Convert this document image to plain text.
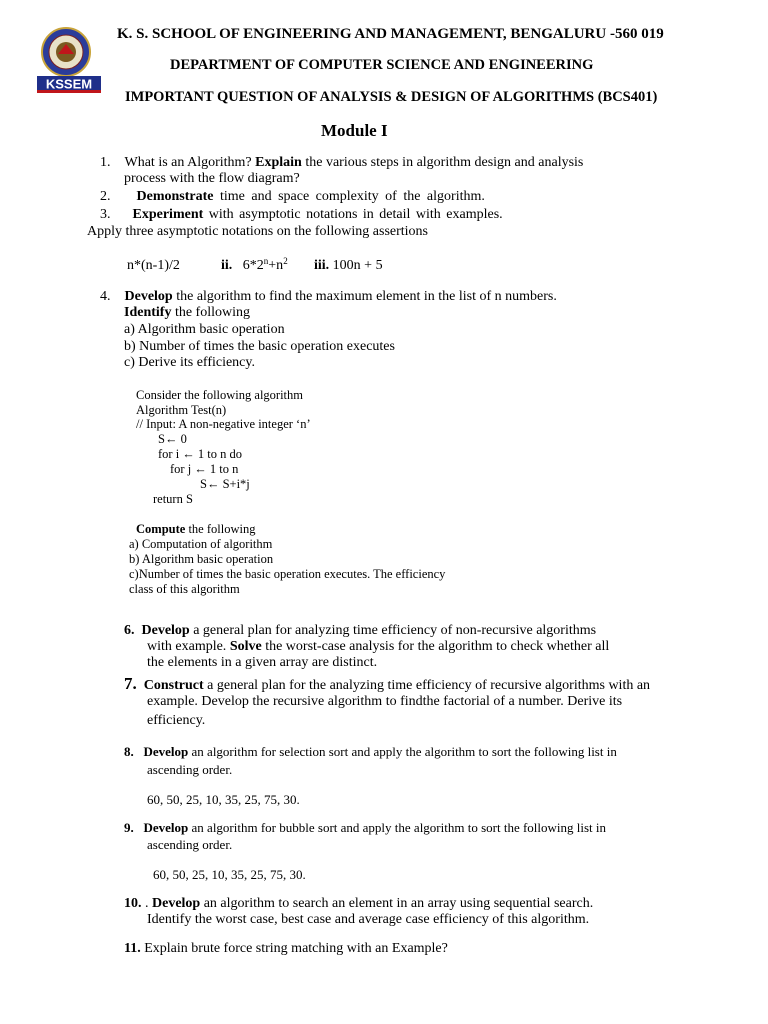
KSSEM
K. S. SCHOOL OF ENGINEERING AND MANAGEMENT, BENGALURU -560 019
DEPARTMENT OF COMPUTER SCIENCE AND ENGINEERING
IMPORTANT QUESTION OF ANALYSIS & DESIGN OF ALGORITHMS (BCS401)
Module I
1. What is an Algorithm? Explain the various steps in algorithm design and analysis
process with the flow diagram?
2. Demonstrate time and space complexity of the algorithm.
3. Experiment with asymptotic notations in detail with examples.
Apply three asymptotic notations on the following assertions
n*(n-1)/2	ii. $6*2^n+n^2$ iii. 100n + 5
4. Develop the algorithm to find the maximum element in the list of n numbers.
Identify the following
a) Algorithm basic operation
b) Number of times the basic operation executes
c) Derive its efficiency.
Consider the following algorithm
Algorithm Test(n)
// Input: A non-negative integer ‘n’
S← 0
for i ← 1 to n do
for j ← 1 to n
S← S+i*j
return S
Compute the following
a) Computation of algorithm
b) Algorithm basic operation
c)Number of times the basic operation executes. The efficiency
class of this algorithm
6. Develop a general plan for analyzing time efficiency of non-recursive algorithms
with example. Solve the worst-case analysis for the algorithm to check whether all
the elements in a given array are distinct.
7. Construct a general plan for the analyzing time efficiency of recursive algorithms with an
example. Develop the recursive algorithm to findthe factorial of a number. Derive its
efficiency.
8. Develop an algorithm for selection sort and apply the algorithm to sort the following list in
ascending order.
60, 50, 25, 10, 35, 25, 75, 30.
9. Develop an algorithm for bubble sort and apply the algorithm to sort the following list in
ascending order.
60, 50, 25, 10, 35, 25, 75, 30.
10. . Develop an algorithm to search an element in an array using sequential search.
Identify the worst case, best case and average case efficiency of this algorithm.
11. Explain brute force string matching with an Example?
